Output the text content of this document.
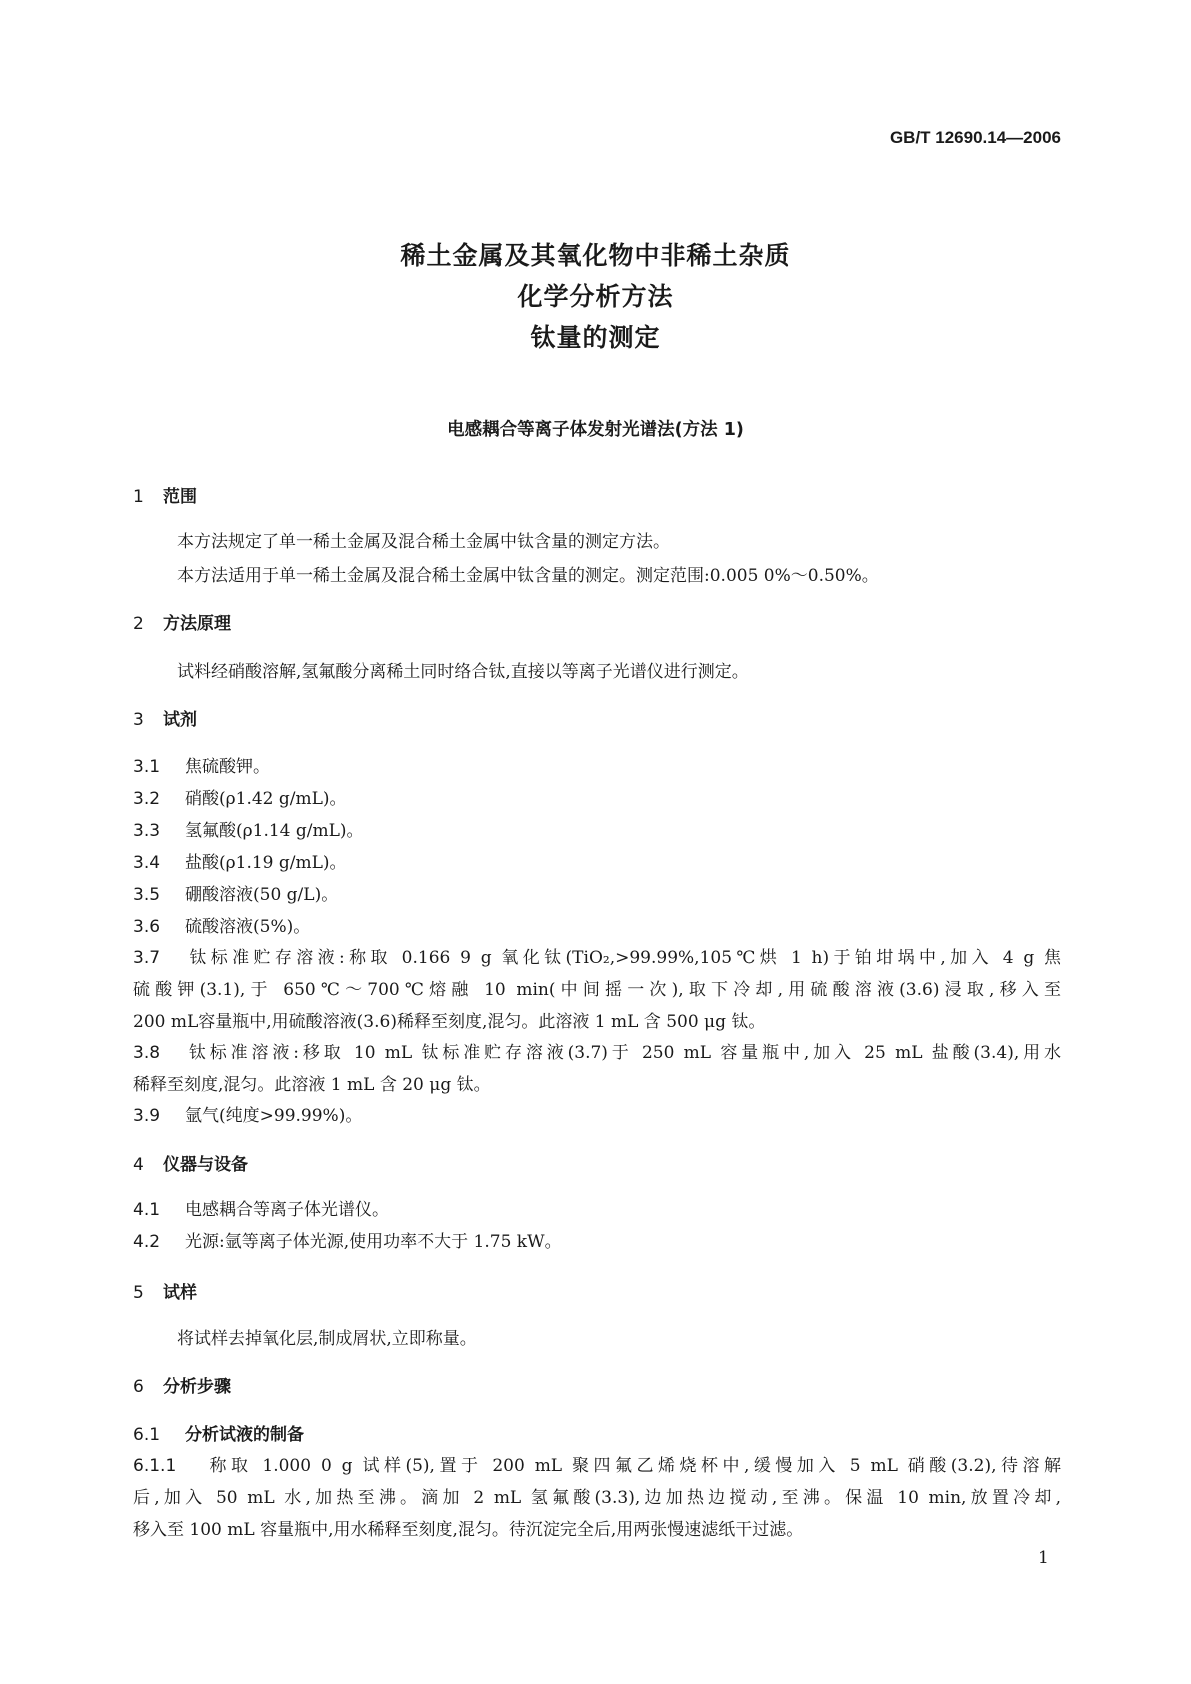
GB/T 12690.14—2006
稀土金属及其氧化物中非稀土杂质
化学分析方法
钛量的测定
电感耦合等离子体发射光谱法(方法 1)
1 范围
本方法规定了单一稀土金属及混合稀土金属中钛含量的测定方法。
本方法适用于单一稀土金属及混合稀土金属中钛含量的测定。测定范围:0.005 0%～0.50%。
2 方法原理
试料经硝酸溶解,氢氟酸分离稀土同时络合钛,直接以等离子光谱仪进行测定。
3 试剂
3.1 焦硫酸钾。
3.2 硝酸(ρ1.42 g/mL)。
3.3 氢氟酸(ρ1.14 g/mL)。
3.4 盐酸(ρ1.19 g/mL)。
3.5 硼酸溶液(50 g/L)。
3.6 硫酸溶液(5%)。
3.7 钛标准贮存溶液:称取 0.166 9 g 氧化钛(TiO₂,>99.99%,105℃烘 1 h)于铂坩埚中,加入 4 g 焦
硫酸钾(3.1),于 650℃～700℃熔融 10 min(中间摇一次),取下冷却,用硫酸溶液(3.6)浸取,移入至
200 mL容量瓶中,用硫酸溶液(3.6)稀释至刻度,混匀。此溶液 1 mL 含 500 μg 钛。
3.8 钛标准溶液:移取 10 mL 钛标准贮存溶液(3.7)于 250 mL 容量瓶中,加入 25 mL 盐酸(3.4),用水
稀释至刻度,混匀。此溶液 1 mL 含 20 μg 钛。
3.9 氩气(纯度>99.99%)。
4 仪器与设备
4.1 电感耦合等离子体光谱仪。
4.2 光源:氩等离子体光源,使用功率不大于 1.75 kW。
5 试样
将试样去掉氧化层,制成屑状,立即称量。
6 分析步骤
6.1 分析试液的制备
6.1.1 称取 1.000 0 g 试样(5),置于 200 mL 聚四氟乙烯烧杯中,缓慢加入 5 mL 硝酸(3.2),待溶解
后,加入 50 mL 水,加热至沸。滴加 2 mL 氢氟酸(3.3),边加热边搅动,至沸。保温 10 min,放置冷却,
移入至 100 mL 容量瓶中,用水稀释至刻度,混匀。待沉淀完全后,用两张慢速滤纸干过滤。
1
